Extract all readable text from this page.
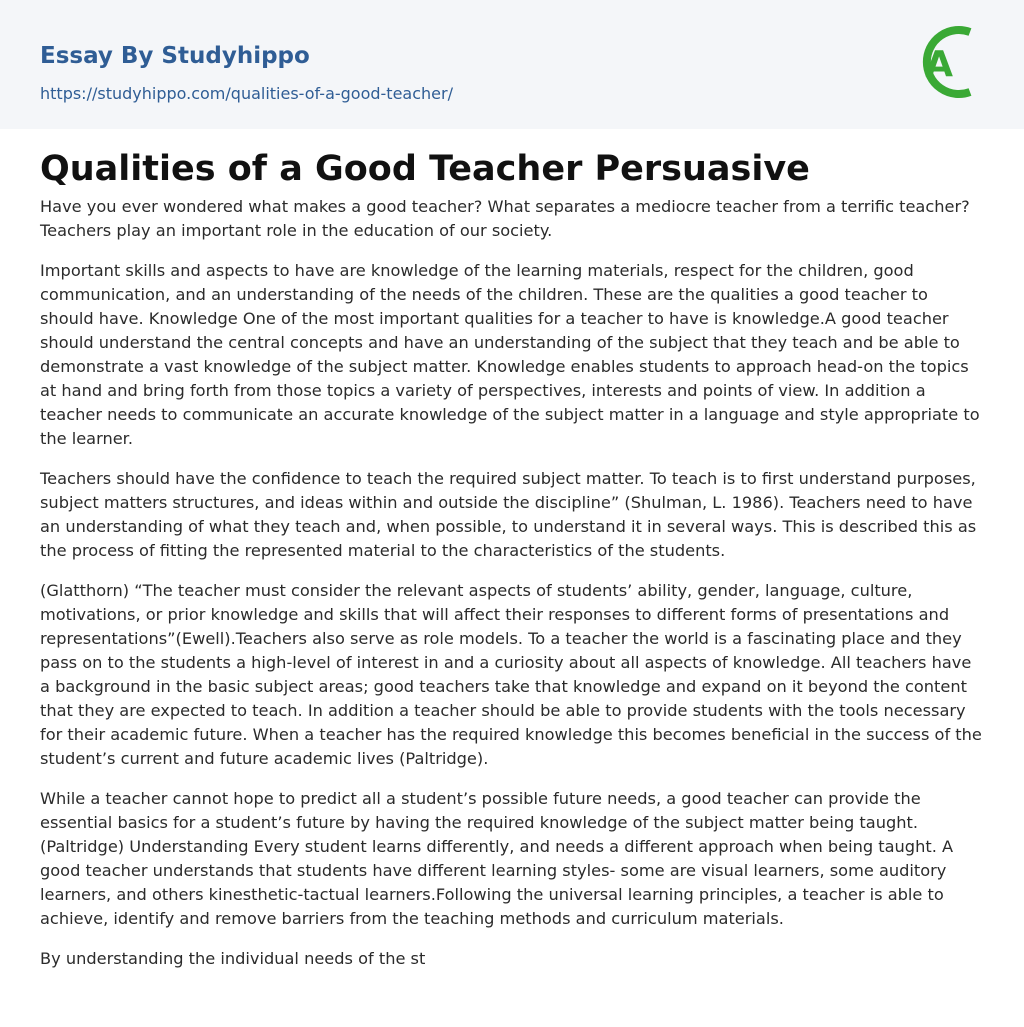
Essay By Studyhippo
https://studyhippo.com/qualities-of-a-good-teacher/
A
Qualities of a Good Teacher Persuasive

Have you ever wondered what makes a good teacher? What separates a mediocre teacher from a terrific teacher? Teachers play an important role in the education of our society.

Important skills and aspects to have are knowledge of the learning materials, respect for the children, good communication, and an understanding of the needs of the children. These are the qualities a good teacher to should have. Knowledge One of the most important qualities for a teacher to have is knowledge.A good teacher should understand the central concepts and have an understanding of the subject that they teach and be able to demonstrate a vast knowledge of the subject matter. Knowledge enables students to approach head-on the topics at hand and bring forth from those topics a variety of perspectives, interests and points of view. In addition a teacher needs to communicate an accurate knowledge of the subject matter in a language and style appropriate to the learner.

Teachers should have the confidence to teach the required subject matter. To teach is to first understand purposes, subject matters structures, and ideas within and outside the discipline” (Shulman, L. 1986). Teachers need to have an understanding of what they teach and, when possible, to understand it in several ways. This is described this as the process of fitting the represented material to the characteristics of the students.

(Glatthorn) “The teacher must consider the relevant aspects of students’ ability, gender, language, culture, motivations, or prior knowledge and skills that will affect their responses to different forms of presentations and representations”(Ewell).Teachers also serve as role models. To a teacher the world is a fascinating place and they pass on to the students a high-level of interest in and a curiosity about all aspects of knowledge. All teachers have a background in the basic subject areas; good teachers take that knowledge and expand on it beyond the content that they are expected to teach. In addition a teacher should be able to provide students with the tools necessary for their academic future. When a teacher has the required knowledge this becomes beneficial in the success of the student’s current and future academic lives (Paltridge).

While a teacher cannot hope to predict all a student’s possible future needs, a good teacher can provide the essential basics for a student’s future by having the required knowledge of the subject matter being taught. (Paltridge) Understanding Every student learns differently, and needs a different approach when being taught. A good teacher understands that students have different learning styles- some are visual learners, some auditory learners, and others kinesthetic-tactual learners.Following the universal learning principles, a teacher is able to achieve, identify and remove barriers from the teaching methods and curriculum materials.

By understanding the individual needs of the st
